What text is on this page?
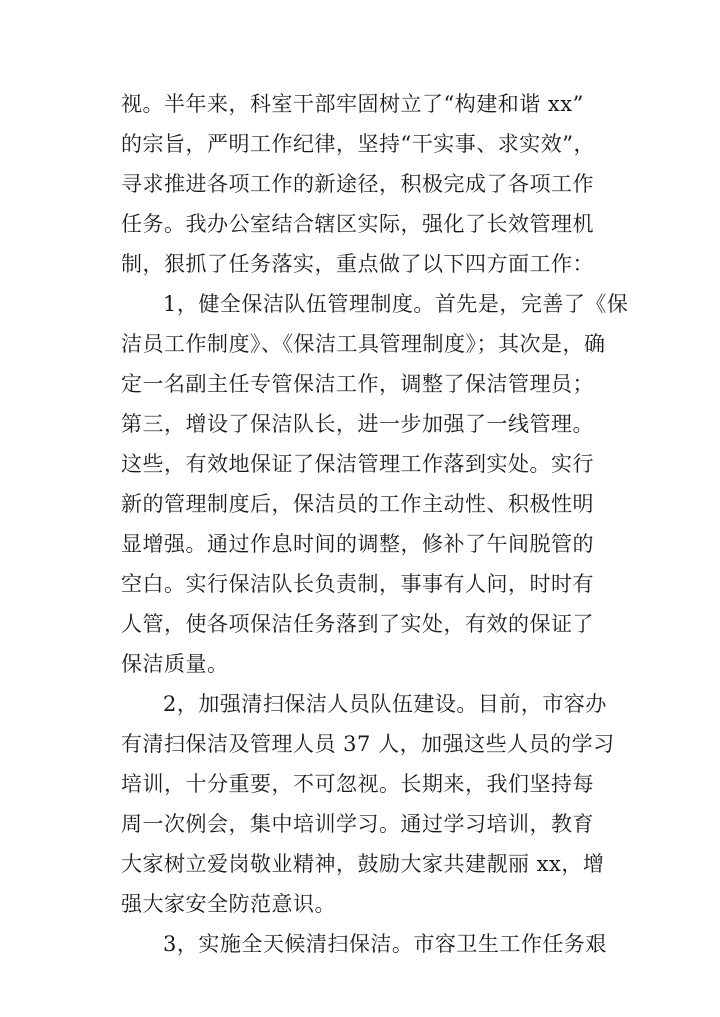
视。半年来，科室干部牢固树立了“构建和谐 xx”
的宗旨，严明工作纪律，坚持“干实事、求实效”，
寻求推进各项工作的新途径，积极完成了各项工作
任务。我办公室结合辖区实际，强化了长效管理机
制，狠抓了任务落实，重点做了以下四方面工作：
1，健全保洁队伍管理制度。首先是，完善了《保
洁员工作制度》、《保洁工具管理制度》；其次是，确
定一名副主任专管保洁工作，调整了保洁管理员；
第三，增设了保洁队长，进一步加强了一线管理。
这些，有效地保证了保洁管理工作落到实处。实行
新的管理制度后，保洁员的工作主动性、积极性明
显增强。通过作息时间的调整，修补了午间脱管的
空白。实行保洁队长负责制，事事有人问，时时有
人管，使各项保洁任务落到了实处，有效的保证了
保洁质量。
2，加强清扫保洁人员队伍建设。目前，市容办
有清扫保洁及管理人员 37 人，加强这些人员的学习
培训，十分重要，不可忽视。长期来，我们坚持每
周一次例会，集中培训学习。通过学习培训，教育
大家树立爱岗敬业精神，鼓励大家共建靓丽 xx，增
强大家安全防范意识。
3，实施全天候清扫保洁。市容卫生工作任务艰
